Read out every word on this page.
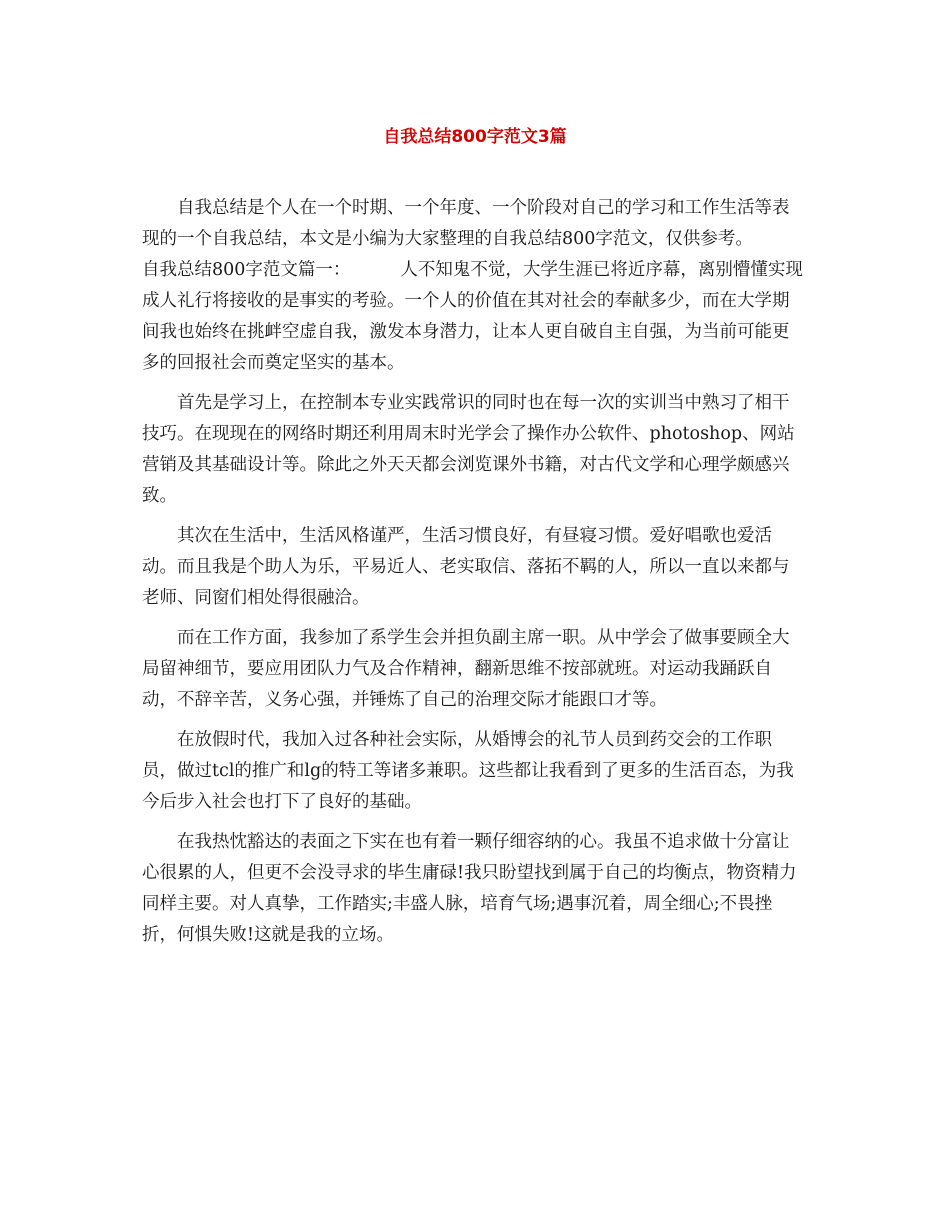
自我总结800字范文3篇

自我总结是个人在一个时期、一个年度、一个阶段对自己的学习和工作生活等表现的一个自我总结，本文是小编为大家整理的自我总结800字范文，仅供参考。

自我总结800字范文篇一：	人不知鬼不觉，大学生涯已将近序幕，离别懵懂实现成人礼行将接收的是事实的考验。一个人的价值在其对社会的奉献多少，而在大学期间我也始终在挑衅空虚自我，激发本身潜力，让本人更自破自主自强，为当前可能更多的回报社会而奠定坚实的基本。

首先是学习上，在控制本专业实践常识的同时也在每一次的实训当中熟习了相干技巧。在现现在的网络时期还利用周末时光学会了操作办公软件、photoshop、网站营销及其基础设计等。除此之外天天都会浏览课外书籍，对古代文学和心理学颇感兴致。

其次在生活中，生活风格谨严，生活习惯良好，有昼寝习惯。爱好唱歌也爱活动。而且我是个助人为乐，平易近人、老实取信、落拓不羁的人，所以一直以来都与老师、同窗们相处得很融洽。

而在工作方面，我参加了系学生会并担负副主席一职。从中学会了做事要顾全大局留神细节，要应用团队力气及合作精神，翻新思维不按部就班。对运动我踊跃自动，不辞辛苦，义务心强，并锤炼了自己的治理交际才能跟口才等。

在放假时代，我加入过各种社会实际，从婚博会的礼节人员到药交会的工作职员，做过tcl的推广和lg的特工等诸多兼职。这些都让我看到了更多的生活百态，为我今后步入社会也打下了良好的基础。

在我热忱豁达的表面之下实在也有着一颗仔细容纳的心。我虽不追求做十分富让心很累的人，但更不会没寻求的毕生庸碌!我只盼望找到属于自己的均衡点，物资精力同样主要。对人真挚，工作踏实;丰盛人脉，培育气场;遇事沉着，周全细心;不畏挫折，何惧失败!这就是我的立场。
